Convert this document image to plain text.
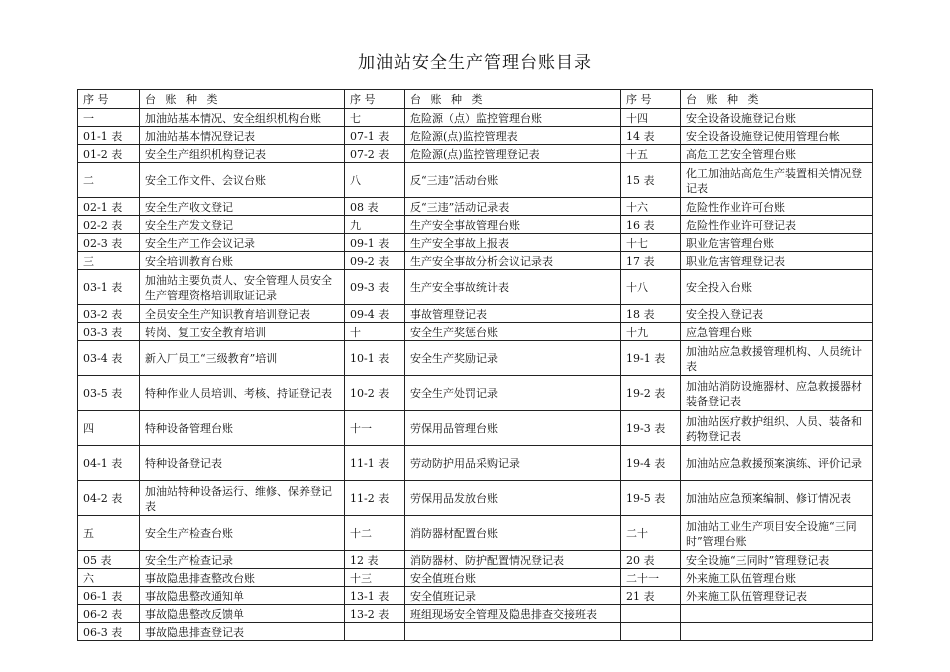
加油站安全生产管理台账目录
序 号	台 账 种 类	序 号	台 账 种 类	序 号	台 账 种 类
一	加油站基本情况、安全组织机构台账	七	危险源（点）监控管理台账	十四	安全设备设施登记台账
01-1 表	加油站基本情况登记表	07-1 表	危险源(点)监控管理表	14 表	安全设备设施登记使用管理台帐
01-2 表	安全生产组织机构登记表	07-2 表	危险源(点)监控管理登记表	十五	高危工艺安全管理台账
二	安全工作文件、会议台账	八	反“三违”活动台账	15 表	化工加油站高危生产装置相关情况登记表
02-1 表	安全生产收文登记	08 表	反“三违”活动记录表	十六	危险性作业许可台账
02-2 表	安全生产发文登记	九	生产安全事故管理台账	16 表	危险性作业许可登记表
02-3 表	安全生产工作会议记录	09-1 表	生产安全事故上报表	十七	职业危害管理台账
三	安全培训教育台账	09-2 表	生产安全事故分析会议记录表	17 表	职业危害管理登记表
03-1 表	加油站主要负责人、安全管理人员安全生产管理资格培训取证记录	09-3 表	生产安全事故统计表	十八	安全投入台账
03-2 表	全员安全生产知识教育培训登记表	09-4 表	事故管理登记表	18 表	安全投入登记表
03-3 表	转岗、复工安全教育培训	十	安全生产奖惩台账	十九	应急管理台账
03-4 表	新入厂员工“三级教育”培训	10-1 表	安全生产奖励记录	19-1 表	加油站应急救援管理机构、人员统计表
03-5 表	特种作业人员培训、考核、持证登记表	10-2 表	安全生产处罚记录	19-2 表	加油站消防设施器材、应急救援器材装备登记表
四	特种设备管理台账	十一	劳保用品管理台账	19-3 表	加油站医疗救护组织、人员、装备和药物登记表
04-1 表	特种设备登记表	11-1 表	劳动防护用品采购记录	19-4 表	加油站应急救援预案演练、评价记录
04-2 表	加油站特种设备运行、维修、保养登记表	11-2 表	劳保用品发放台账	19-5 表	加油站应急预案编制、修订情况表
五	安全生产检查台账	十二	消防器材配置台账	二十	加油站工业生产项目安全设施“三同时”管理台账
05 表	安全生产检查记录	12 表	消防器材、防护配置情况登记表	20 表	安全设施“三同时”管理登记表
六	事故隐患排查整改台账	十三	安全值班台账	二十一	外来施工队伍管理台账
06-1 表	事故隐患整改通知单	13-1 表	安全值班记录	21 表	外来施工队伍管理登记表
06-2 表	事故隐患整改反馈单	13-2 表	班组现场安全管理及隐患排查交接班表		
06-3 表	事故隐患排查登记表				
